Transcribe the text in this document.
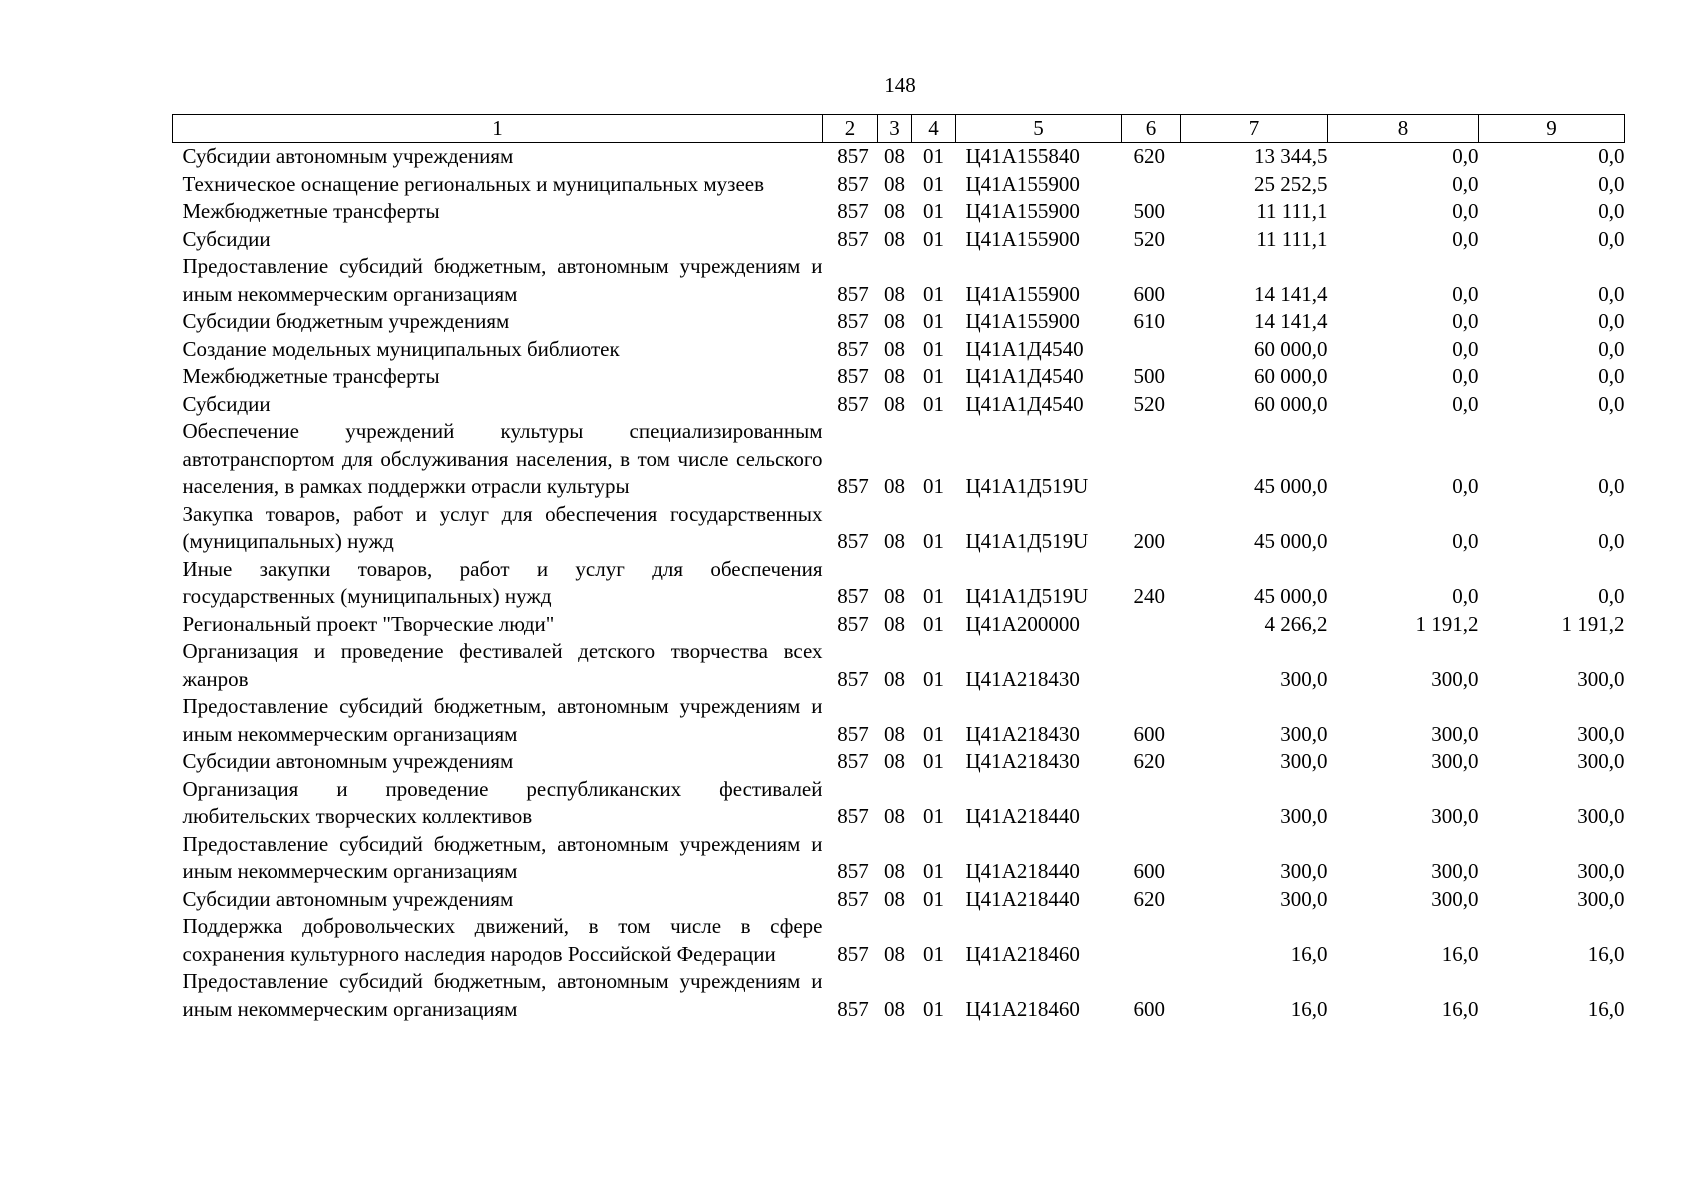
148
1	2	3	4	5	6	7	8	9
Субсидии автономным учреждениям	857	08	01	Ц41А155840	620	13 344,5	0,0	0,0
Техническое оснащение региональных и муниципальных музеев	857	08	01	Ц41А155900		25 252,5	0,0	0,0
Межбюджетные трансферты	857	08	01	Ц41А155900	500	11 111,1	0,0	0,0
Субсидии	857	08	01	Ц41А155900	520	11 111,1	0,0	0,0
Предоставление субсидий бюджетным, автономным учреждениям и иным некоммерческим организациям	857	08	01	Ц41А155900	600	14 141,4	0,0	0,0
Субсидии бюджетным учреждениям	857	08	01	Ц41А155900	610	14 141,4	0,0	0,0
Создание модельных муниципальных библиотек	857	08	01	Ц41А1Д4540		60 000,0	0,0	0,0
Межбюджетные трансферты	857	08	01	Ц41А1Д4540	500	60 000,0	0,0	0,0
Субсидии	857	08	01	Ц41А1Д4540	520	60 000,0	0,0	0,0
Обеспечение учреждений культуры специализированным автотранспортом для обслуживания населения, в том числе сельского населения, в рамках поддержки отрасли культуры	857	08	01	Ц41А1Д519U		45 000,0	0,0	0,0
Закупка товаров, работ и услуг для обеспечения государственных (муниципальных) нужд	857	08	01	Ц41А1Д519U	200	45 000,0	0,0	0,0
Иные закупки товаров, работ и услуг для обеспечения государственных (муниципальных) нужд	857	08	01	Ц41А1Д519U	240	45 000,0	0,0	0,0
Региональный проект "Творческие люди"	857	08	01	Ц41А200000		4 266,2	1 191,2	1 191,2
Организация и проведение фестивалей детского творчества всех жанров	857	08	01	Ц41А218430		300,0	300,0	300,0
Предоставление субсидий бюджетным, автономным учреждениям и иным некоммерческим организациям	857	08	01	Ц41А218430	600	300,0	300,0	300,0
Субсидии автономным учреждениям	857	08	01	Ц41А218430	620	300,0	300,0	300,0
Организация и проведение республиканских фестивалей любительских творческих коллективов	857	08	01	Ц41А218440		300,0	300,0	300,0
Предоставление субсидий бюджетным, автономным учреждениям и иным некоммерческим организациям	857	08	01	Ц41А218440	600	300,0	300,0	300,0
Субсидии автономным учреждениям	857	08	01	Ц41А218440	620	300,0	300,0	300,0
Поддержка добровольческих движений, в том числе в сфере сохранения культурного наследия народов Российской Федерации	857	08	01	Ц41А218460		16,0	16,0	16,0
Предоставление субсидий бюджетным, автономным учреждениям и иным некоммерческим организациям	857	08	01	Ц41А218460	600	16,0	16,0	16,0
